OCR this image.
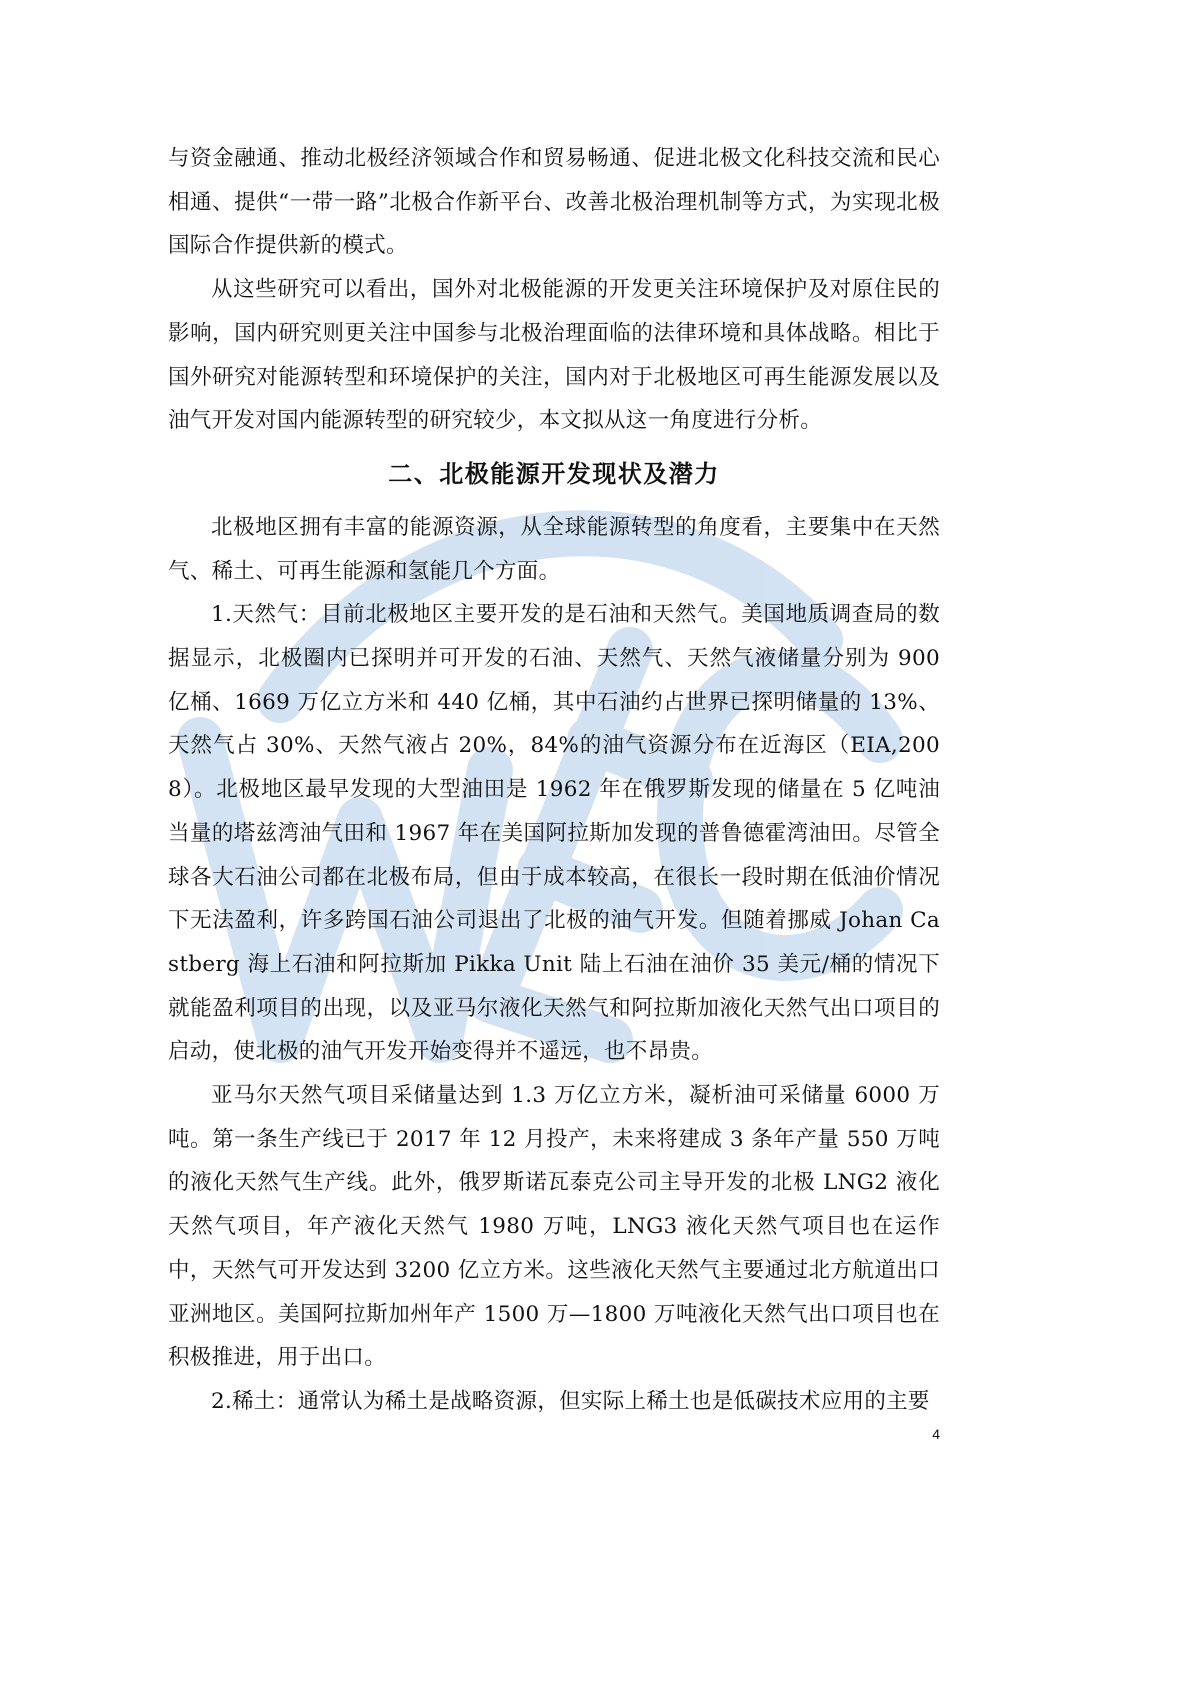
与资金融通、推动北极经济领域合作和贸易畅通、促进北极文化科技交流和民心相通、提供“一带一路”北极合作新平台、改善北极治理机制等方式，为实现北极国际合作提供新的模式。

从这些研究可以看出，国外对北极能源的开发更关注环境保护及对原住民的影响，国内研究则更关注中国参与北极治理面临的法律环境和具体战略。相比于国外研究对能源转型和环境保护的关注，国内对于北极地区可再生能源发展以及油气开发对国内能源转型的研究较少，本文拟从这一角度进行分析。

二、北极能源开发现状及潜力

北极地区拥有丰富的能源资源，从全球能源转型的角度看，主要集中在天然气、稀土、可再生能源和氢能几个方面。

1.天然气：目前北极地区主要开发的是石油和天然气。美国地质调查局的数据显示，北极圈内已探明并可开发的石油、天然气、天然气液储量分别为 900 亿桶、1669 万亿立方米和 440 亿桶，其中石油约占世界已探明储量的 13%、天然气占 30%、天然气液占 20%，84%的油气资源分布在近海区（EIA,2008）。北极地区最早发现的大型油田是 1962 年在俄罗斯发现的储量在 5 亿吨油当量的塔兹湾油气田和 1967 年在美国阿拉斯加发现的普鲁德霍湾油田。尽管全球各大石油公司都在北极布局，但由于成本较高，在很长一段时期在低油价情况下无法盈利，许多跨国石油公司退出了北极的油气开发。但随着挪威 Johan Castberg 海上石油和阿拉斯加 Pikka Unit 陆上石油在油价 35 美元/桶的情况下就能盈利项目的出现，以及亚马尔液化天然气和阿拉斯加液化天然气出口项目的启动，使北极的油气开发开始变得并不遥远，也不昂贵。

亚马尔天然气项目采储量达到 1.3 万亿立方米，凝析油可采储量 6000 万吨。第一条生产线已于 2017 年 12 月投产，未来将建成 3 条年产量 550 万吨的液化天然气生产线。此外，俄罗斯诺瓦泰克公司主导开发的北极 LNG2 液化天然气项目，年产液化天然气 1980 万吨，LNG3 液化天然气项目也在运作中，天然气可开发达到 3200 亿立方米。这些液化天然气主要通过北方航道出口亚洲地区。美国阿拉斯加州年产 1500 万—1800 万吨液化天然气出口项目也在积极推进，用于出口。

2.稀土：通常认为稀土是战略资源，但实际上稀土也是低碳技术应用的主要

4
